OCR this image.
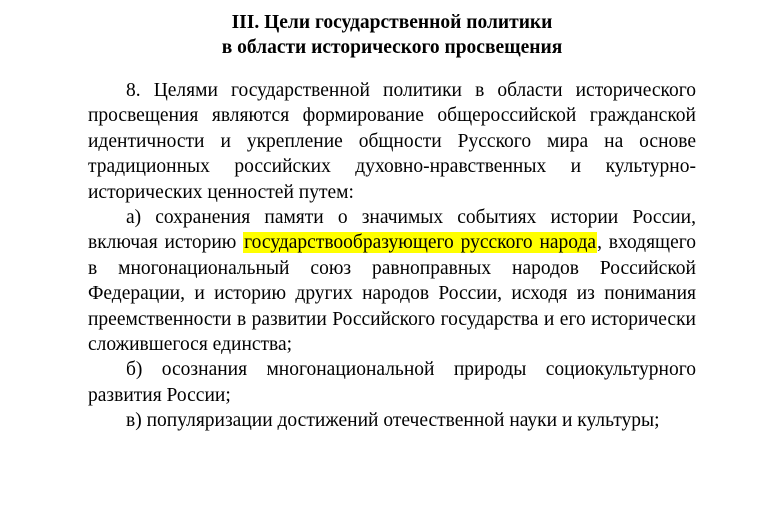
III. Цели государственной политики
в области исторического просвещения

8. Целями государственной политики в области исторического просвещения являются формирование общероссийской гражданской идентичности и укрепление общности Русского мира на основе традиционных российских духовно-нравственных и культурно-исторических ценностей путем:

а) сохранения памяти о значимых событиях истории России, включая историю государствообразующего русского народа, входящего в многонациональный союз равноправных народов Российской Федерации, и историю других народов России, исходя из понимания преемственности в развитии Российского государства и его исторически сложившегося единства;

б) осознания многонациональной природы социокультурного развития России;

в) популяризации достижений отечественной науки и культуры;
